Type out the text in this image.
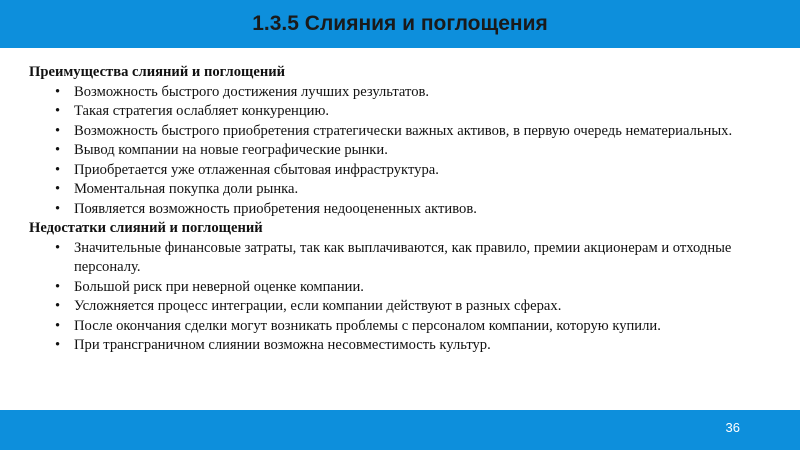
1.3.5 Слияния и поглощения

Преимущества слияний и поглощений

• Возможность быстрого достижения лучших результатов.
• Такая стратегия ослабляет конкуренцию.
• Возможность быстрого приобретения стратегически важных активов, в первую очередь нематериальных.
• Вывод компании на новые географические рынки.
• Приобретается уже отлаженная сбытовая инфраструктура.
• Моментальная покупка доли рынка.
• Появляется возможность приобретения недооцененных активов.

Недостатки слияний и поглощений

• Значительные финансовые затраты, так как выплачиваются, как правило, премии акционерам и отходные персоналу.
• Большой риск при неверной оценке компании.
• Усложняется процесс интеграции, если компании действуют в разных сферах.
• После окончания сделки могут возникать проблемы с персоналом компании, которую купили.
• При трансграничном слиянии возможна несовместимость культур.
36
